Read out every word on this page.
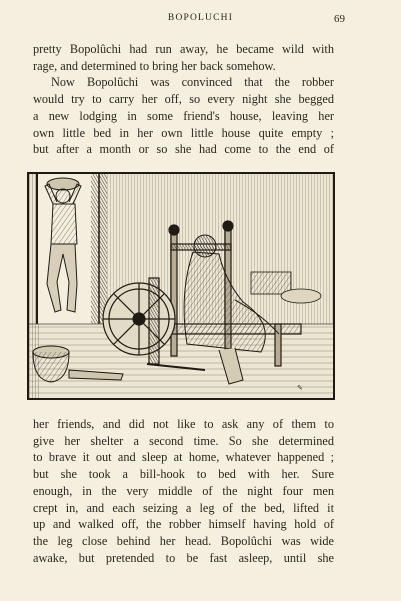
BOPOLUCHI	69

pretty Bopolûchi had run away, he became wild with
rage, and determined to bring her back somehow.
Now Bopolûchi was convinced that the robber
would try to carry her off, so every night she begged
a new lodging in some friend's house, leaving her
own little bed in her own little house quite empty ;
but after a month or so she had come to the end of

✎

her friends, and did not like to ask any of them to
give her shelter a second time. So she determined
to brave it out and sleep at home, whatever happened ;
but she took a bill-hook to bed with her. Sure
enough, in the very middle of the night four men
crept in, and each seizing a leg of the bed, lifted it
up and walked off, the robber himself having hold of
the leg close behind her head. Bopolûchi was wide
awake, but pretended to be fast asleep, until she
